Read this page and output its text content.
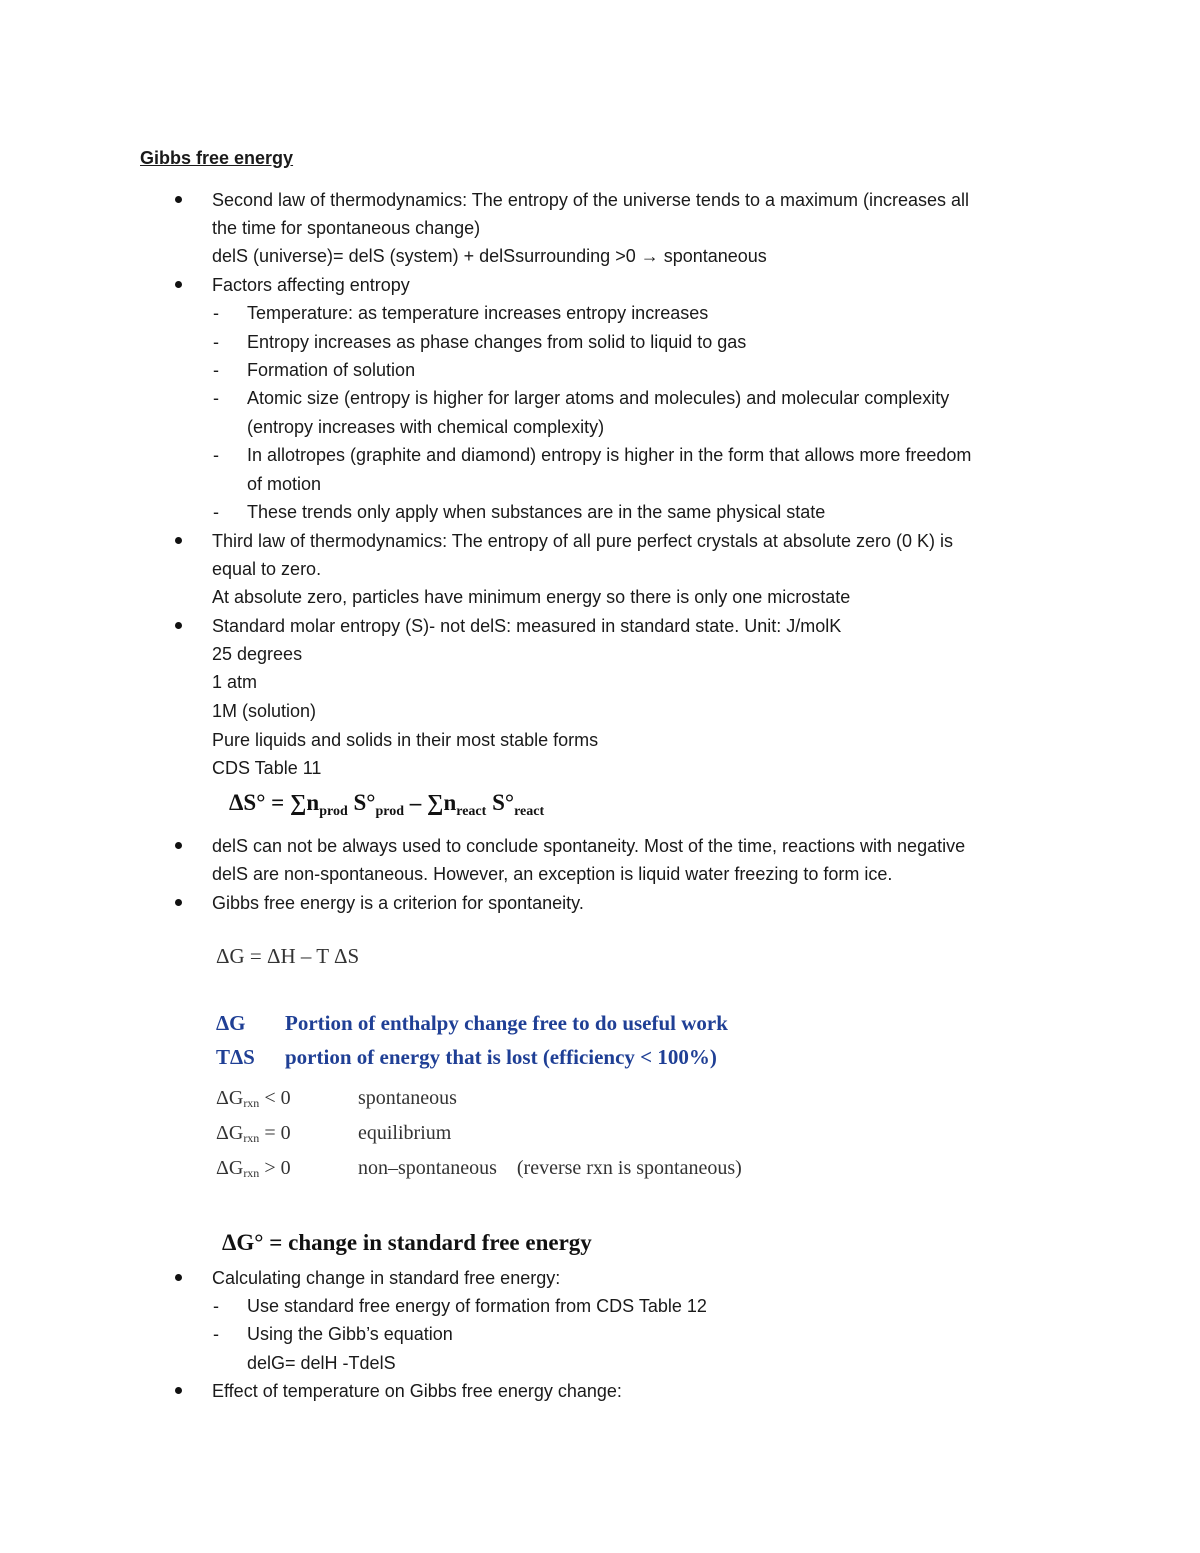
Gibbs free energy
Second law of thermodynamics: The entropy of the universe tends to a maximum (increases all
the time for spontaneous change)
delS (universe)= delS (system) + delSsurrounding >0 → spontaneous
Factors affecting entropy
- Temperature: as temperature increases entropy increases
- Entropy increases as phase changes from solid to liquid to gas
- Formation of solution
- Atomic size (entropy is higher for larger atoms and molecules) and molecular complexity
(entropy increases with chemical complexity)
- In allotropes (graphite and diamond) entropy is higher in the form that allows more freedom
of motion
- These trends only apply when substances are in the same physical state
Third law of thermodynamics: The entropy of all pure perfect crystals at absolute zero (0 K) is
equal to zero.
At absolute zero, particles have minimum energy so there is only one microstate
Standard molar entropy (S)- not delS: measured in standard state. Unit: J/molK
25 degrees
1 atm
1M (solution)
Pure liquids and solids in their most stable forms
CDS Table 11
$\Delta S^\circ = \sum n_{prod}$ $S^\circ_{prod} - \sum n_{react}$ $S^\circ_{react}$
delS can not be always used to conclude spontaneity. Most of the time, reactions with negative
delS are non-spontaneous. However, an exception is liquid water freezing to form ice.
Gibbs free energy is a criterion for spontaneity.
ΔG = ΔH – T ΔS
ΔG Portion of enthalpy change free to do useful work
TΔS portion of energy that is lost (efficiency < 100%)
ΔGrxn < 0	spontaneous
ΔGrxn = 0	equilibrium
ΔGrxn > 0	non–spontaneous    (reverse rxn is spontaneous)
ΔG° = change in standard free energy
Calculating change in standard free energy:
- Use standard free energy of formation from CDS Table 12
- Using the Gibb’s equation
delG= delH -TdelS
Effect of temperature on Gibbs free energy change:
